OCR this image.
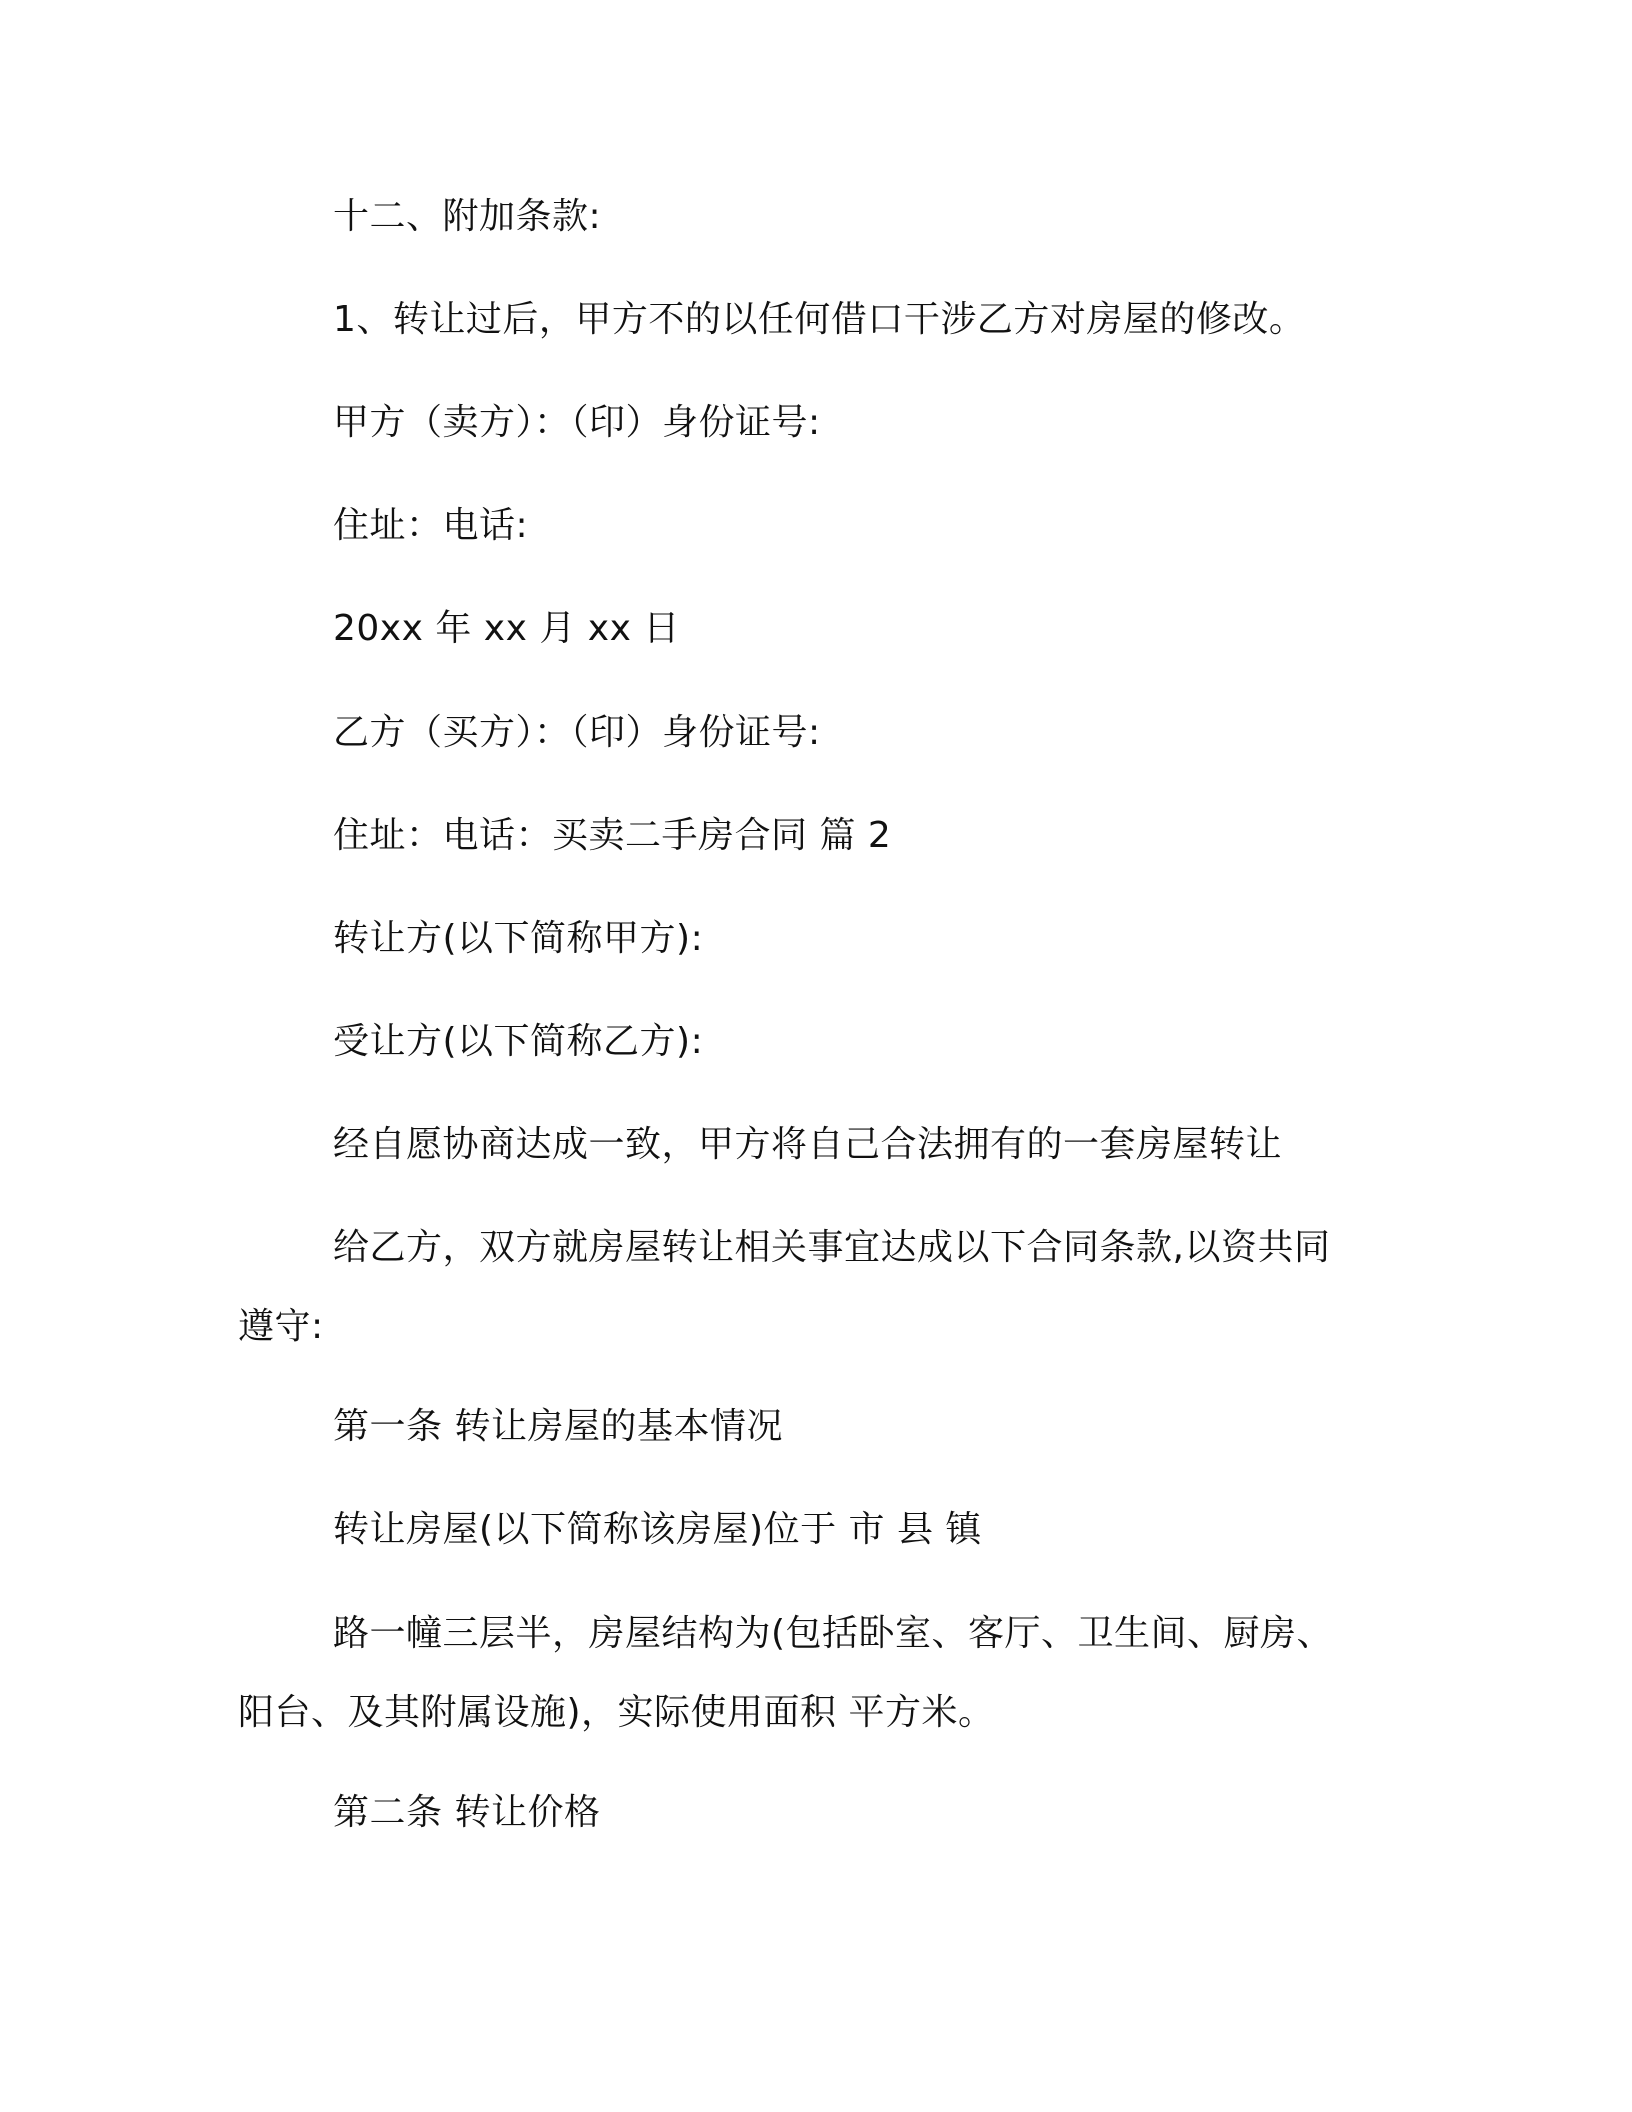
十二、附加条款:

1、转让过后，甲方不的以任何借口干涉乙方对房屋的修改。

甲方（卖方）：（印）身份证号:

住址：电话:

20xx 年 xx 月 xx 日

乙方（买方）：（印）身份证号:

住址：电话：买卖二手房合同 篇 2

转让方(以下简称甲方):

受让方(以下简称乙方):

经自愿协商达成一致，甲方将自己合法拥有的一套房屋转让

给乙方，双方就房屋转让相关事宜达成以下合同条款,以资共同

遵守:

第一条 转让房屋的基本情况

转让房屋(以下简称该房屋)位于 市 县 镇

路一幢三层半，房屋结构为(包括卧室、客厅、卫生间、厨房、

阳台、及其附属设施)，实际使用面积 平方米。

第二条 转让价格
